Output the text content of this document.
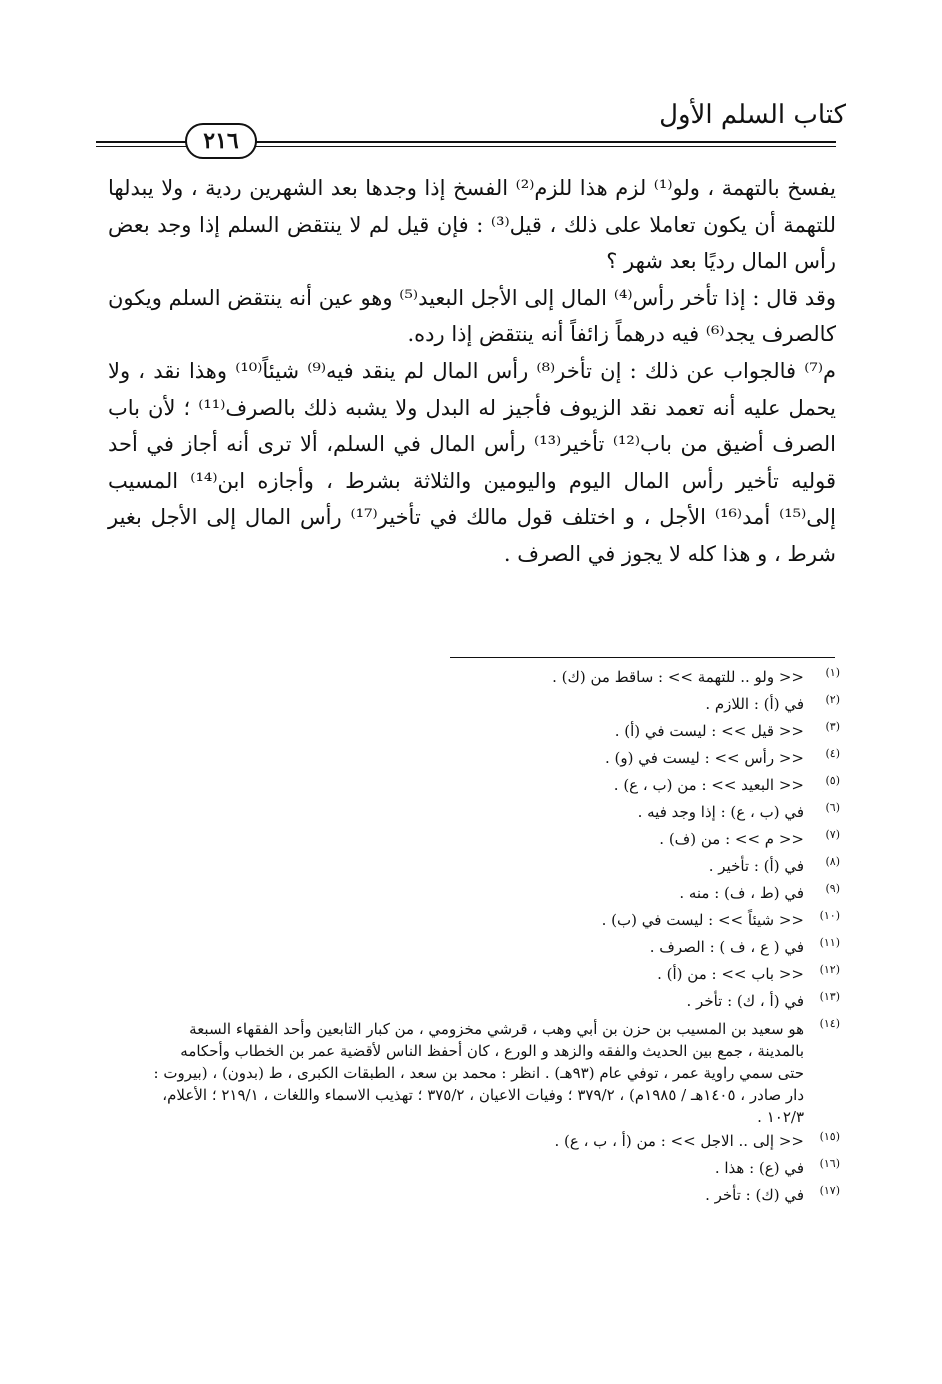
كتاب السلم الأول
٢١٦

يفسخ بالتهمة ، ولو⁽¹⁾ لزم هذا للزم⁽²⁾ الفسخ إذا وجدها بعد الشهرين ردية ، ولا يبدلها للتهمة أن يكون تعاملا على ذلك ، قيل⁽³⁾ : فإن قيل لم لا ينتقض السلم إذا وجد بعض رأس المال رديًا بعد شهر ؟

وقد قال : إذا تأخر رأس⁽⁴⁾ المال إلى الأجل البعيد⁽⁵⁾ وهو عين أنه ينتقض السلم ويكون كالصرف يجد⁽⁶⁾ فيه درهماً زائفاً أنه ينتقض إذا رده.

م⁽⁷⁾ فالجواب عن ذلك : إن تأخر⁽⁸⁾ رأس المال لم ينقد فيه⁽⁹⁾ شيئاً⁽¹⁰⁾ وهذا نقد ، ولا يحمل عليه أنه تعمد نقد الزيوف فأجيز له البدل ولا يشبه ذلك بالصرف⁽¹¹⁾ ؛ لأن باب الصرف أضيق من باب⁽¹²⁾ تأخير⁽¹³⁾ رأس المال في السلم، ألا ترى أنه أجاز في أحد قوليه تأخير رأس المال اليوم واليومين والثلاثة بشرط ، وأجازه ابن⁽¹⁴⁾ المسيب إلى⁽¹⁵⁾ أمد⁽¹⁶⁾ الأجل ، و اختلف قول مالك في تأخير⁽¹⁷⁾ رأس المال إلى الأجل بغير شرط ، و هذا كله لا يجوز في الصرف .

(١)
<< ولو .. للتهمة >> : ساقط من (ك) .
(٢)
في (أ) : اللازم .
(٣)
<< قيل >> : ليست في (أ) .
(٤)
<< رأس >> : ليست في (و) .
(٥)
<< البعيد >> : من (ب ، ع) .
(٦)
في (ب ، ع) : إذا وجد فيه .
(٧)
<< م >> : من (ف) .
(٨)
في (أ) : تأخير .
(٩)
في (ط ، ف) : منه .
(١٠)
<< شيئاً >> : ليست في (ب) .
(١١)
في ( ع ، ف ) : الصرف .
(١٢)
<< باب >> : من (أ) .
(١٣)
في (أ ، ك) : تأخر .
(١٤)
هو سعيد بن المسيب بن حزن بن أبي وهب ، قرشي مخزومي ، من كبار التابعين وأحد الفقهاء السبعة بالمدينة ، جمع بين الحديث والفقه والزهد و الورع ، كان أحفظ الناس لأقضية عمر بن الخطاب وأحكامه حتى سمي راوية عمر ، توفي عام (٩٣هـ) . انظر : محمد بن سعد ، الطبقات الكبرى ، ط (بدون) ، (بيروت : دار صادر ، ١٤٠٥هـ / ١٩٨٥م) ، ٣٧٩/٢ ؛ وفيات الاعيان ، ٣٧٥/٢ ؛ تهذيب الاسماء واللغات ، ٢١٩/١ ؛ الأعلام، ١٠٢/٣ .
(١٥)
<< إلى .. الاجل >> : من (أ ، ب ، ع) .
(١٦)
في (ع) : هذا .
(١٧)
في (ك) : تأخر .
